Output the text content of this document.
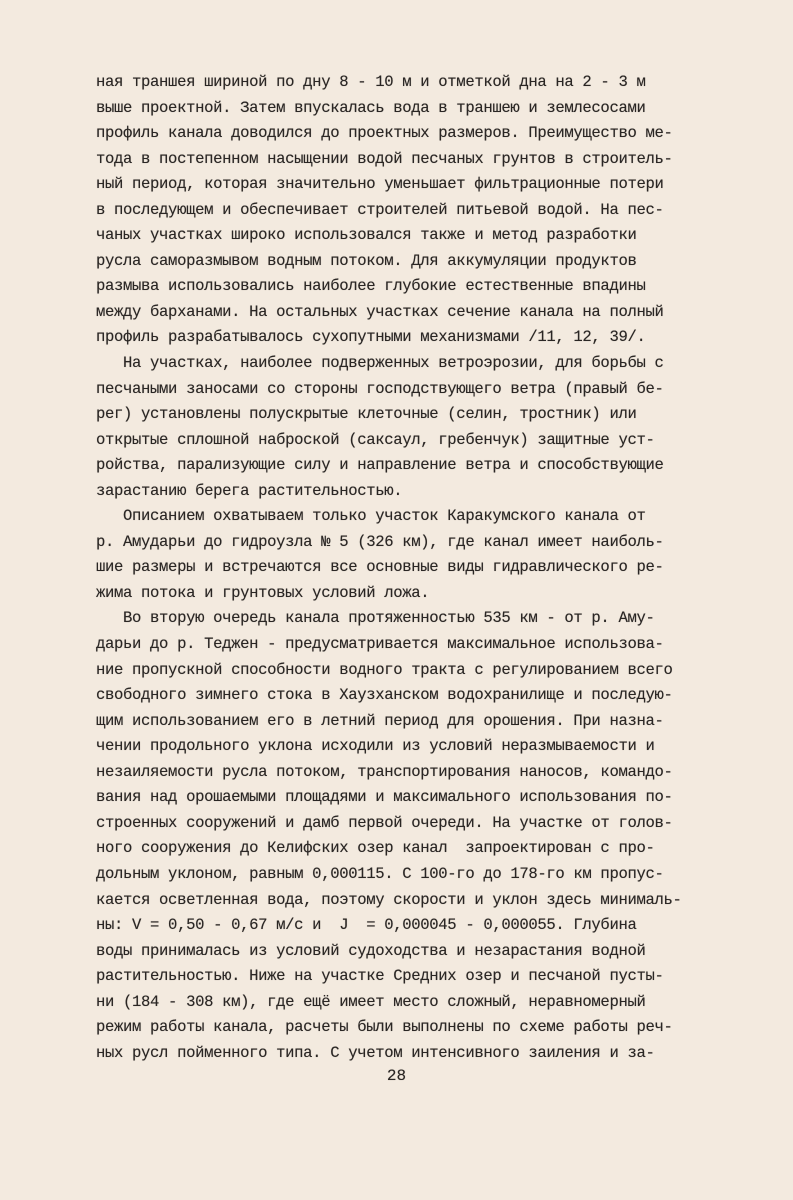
ная траншея шириной по дну 8 - 10 м и отметкой дна на 2 - 3 м
выше проектной. Затем впускалась вода в траншею и землесосами
профиль канала доводился до проектных размеров. Преимущество ме-
тода в постепенном насыщении водой песчаных грунтов в строитель-
ный период, которая значительно уменьшает фильтрационные потери
в последующем и обеспечивает строителей питьевой водой. На пес-
чаных участках широко использовался также и метод разработки
русла саморазмывом водным потоком. Для аккумуляции продуктов
размыва использовались наиболее глубокие естественные впадины
между барханами. На остальных участках сечение канала на полный
профиль разрабатывалось сухопутными механизмами /11, 12, 39/.
На участках, наиболее подверженных ветроэрозии, для борьбы с
песчаными заносами со стороны господствующего ветра (правый бе-
рег) установлены полускрытые клеточные (селин, тростник) или
открытые сплошной наброской (саксаул, гребенчук) защитные уст-
ройства, парализующие силу и направление ветра и способствующие
зарастанию берега растительностью.
Описанием охватываем только участок Каракумского канала от
р. Амударьи до гидроузла № 5 (326 км), где канал имеет наиболь-
шие размеры и встречаются все основные виды гидравлического ре-
жима потока и грунтовых условий ложа.
Во вторую очередь канала протяженностью 535 км - от р. Аму-
дарьи до р. Теджен - предусматривается максимальное использова-
ние пропускной способности водного тракта с регулированием всего
свободного зимнего стока в Хаузханском водохранилище и последую-
щим использованием его в летний период для орошения. При назна-
чении продольного уклона исходили из условий неразмываемости и
незаиляемости русла потоком, транспортирования наносов, командо-
вания над орошаемыми площадями и максимального использования по-
строенных сооружений и дамб первой очереди. На участке от голов-
ного сооружения до Келифских озер канал  запроектирован с про-
дольным уклоном, равным 0,000115. С 100-го до 178-го км пропус-
кается осветленная вода, поэтому скорости и уклон здесь минималь-
ны: V = 0,50 - 0,67 м/с и  J  = 0,000045 - 0,000055. Глубина
воды принималась из условий судоходства и незарастания водной
растительностью. Ниже на участке Средних озер и песчаной пусты-
ни (184 - 308 км), где ещё имеет место сложный, неравномерный
режим работы канала, расчеты были выполнены по схеме работы реч-
ных русл пойменного типа. С учетом интенсивного заиления и за-
28
